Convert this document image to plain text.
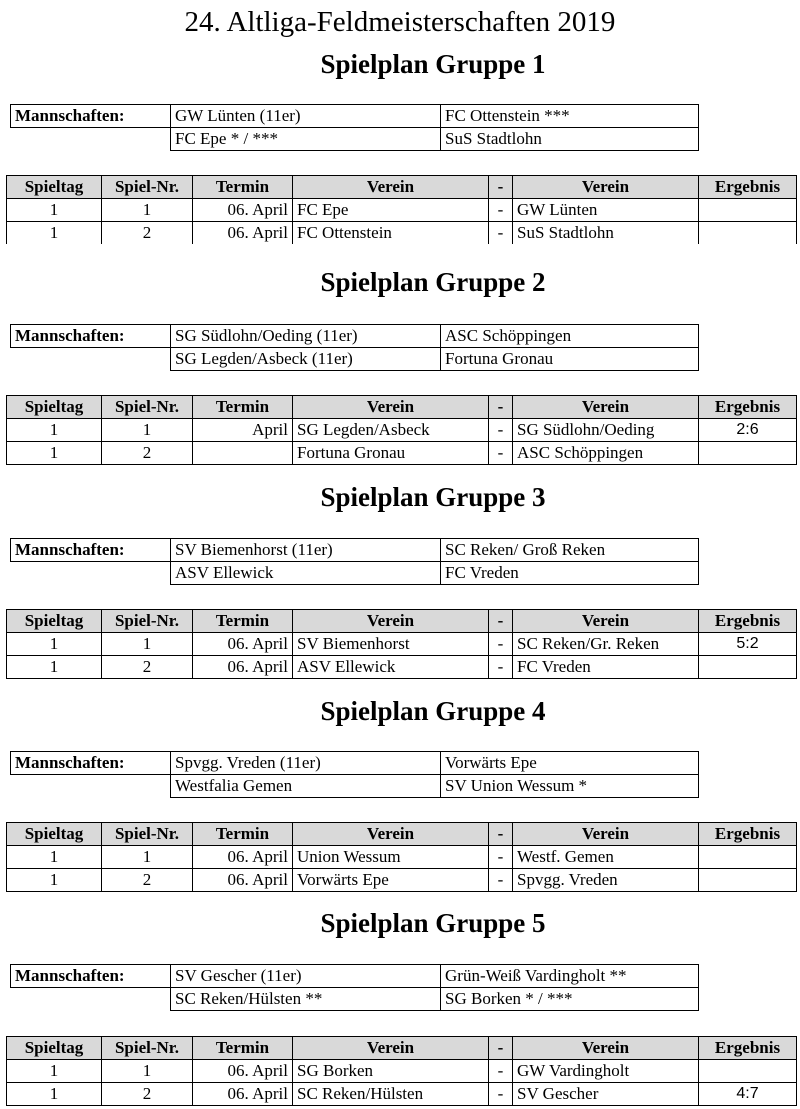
24. Altliga-Feldmeisterschaften 2019
Spielplan Gruppe 1
Mannschaften:	GW Lünten (11er)	FC Ottenstein ***
	FC Epe * / ***	SuS Stadtlohn
Spieltag	Spiel-Nr.	Termin	Verein	-	Verein	Ergebnis
1	1	06. April	FC Epe	-	GW Lünten	
1	2	06. April	FC Ottenstein	-	SuS Stadtlohn	
Spielplan Gruppe 2
Mannschaften:	SG Südlohn/Oeding (11er)	ASC Schöppingen
	SG Legden/Asbeck (11er)	Fortuna Gronau
Spieltag	Spiel-Nr.	Termin	Verein	-	Verein	Ergebnis
1	1	April	SG Legden/Asbeck	-	SG Südlohn/Oeding	2:6
1	2		Fortuna Gronau	-	ASC Schöppingen	
Spielplan Gruppe 3
Mannschaften:	SV Biemenhorst (11er)	SC Reken/ Groß Reken
	ASV Ellewick	FC Vreden
Spieltag	Spiel-Nr.	Termin	Verein	-	Verein	Ergebnis
1	1	06. April	SV Biemenhorst	-	SC Reken/Gr. Reken	5:2
1	2	06. April	ASV Ellewick	-	FC Vreden	
Spielplan Gruppe 4
Mannschaften:	Spvgg. Vreden (11er)	Vorwärts Epe
	Westfalia Gemen	SV Union Wessum *
Spieltag	Spiel-Nr.	Termin	Verein	-	Verein	Ergebnis
1	1	06. April	Union Wessum	-	Westf. Gemen	
1	2	06. April	Vorwärts Epe	-	Spvgg. Vreden	
Spielplan Gruppe 5
Mannschaften:	SV Gescher (11er)	Grün-Weiß Vardingholt **
	SC Reken/Hülsten **	SG Borken * / ***
Spieltag	Spiel-Nr.	Termin	Verein	-	Verein	Ergebnis
1	1	06. April	SG Borken	-	GW Vardingholt	
1	2	06. April	SC Reken/Hülsten	-	SV Gescher	4:7
